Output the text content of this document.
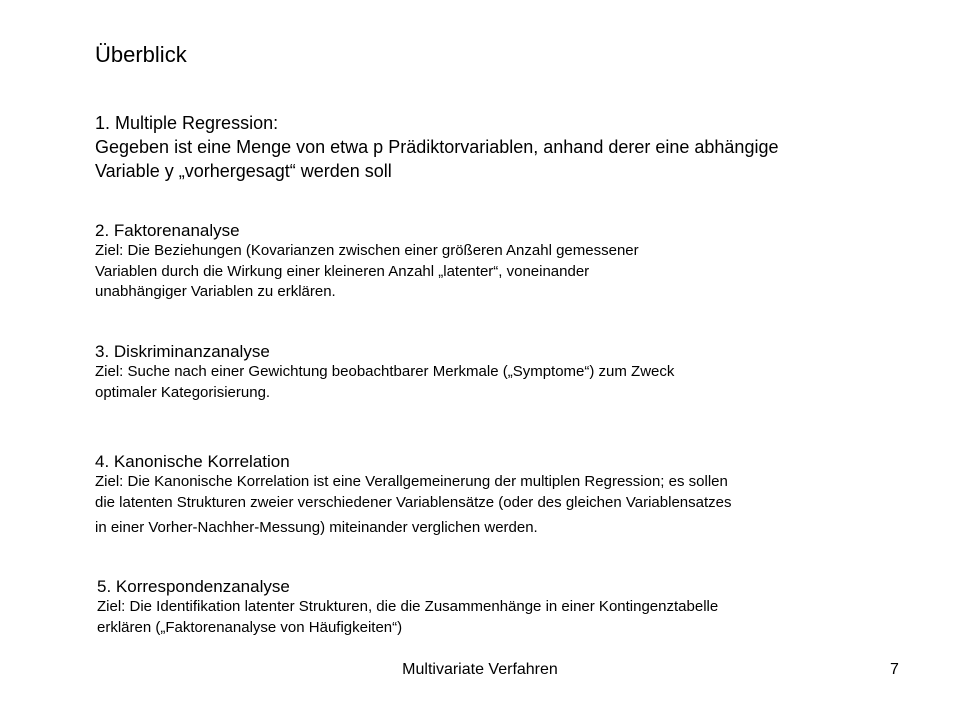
Überblick
1. Multiple Regression:
Gegeben ist eine Menge von etwa p Prädiktorvariablen, anhand derer eine abhängige
Variable y „vorhergesagt“ werden soll
2. Faktorenanalyse
Ziel: Die Beziehungen (Kovarianzen zwischen einer größeren Anzahl gemessener
Variablen durch die Wirkung einer kleineren Anzahl „latenter“, voneinander
unabhängiger Variablen zu erklären.
3. Diskriminanzanalyse
Ziel: Suche nach einer Gewichtung beobachtbarer Merkmale („Symptome“) zum Zweck
optimaler Kategorisierung.
4. Kanonische Korrelation
Ziel: Die Kanonische Korrelation ist eine Verallgemeinerung der multiplen Regression; es sollen
die latenten Strukturen zweier verschiedener Variablensätze (oder des gleichen Variablensatzes
in einer Vorher-Nachher-Messung) miteinander verglichen werden.
5. Korrespondenzanalyse
Ziel: Die Identifikation latenter Strukturen, die die Zusammenhänge in einer Kontingenztabelle
erklären („Faktorenanalyse von Häufigkeiten“)
Multivariate Verfahren	7
